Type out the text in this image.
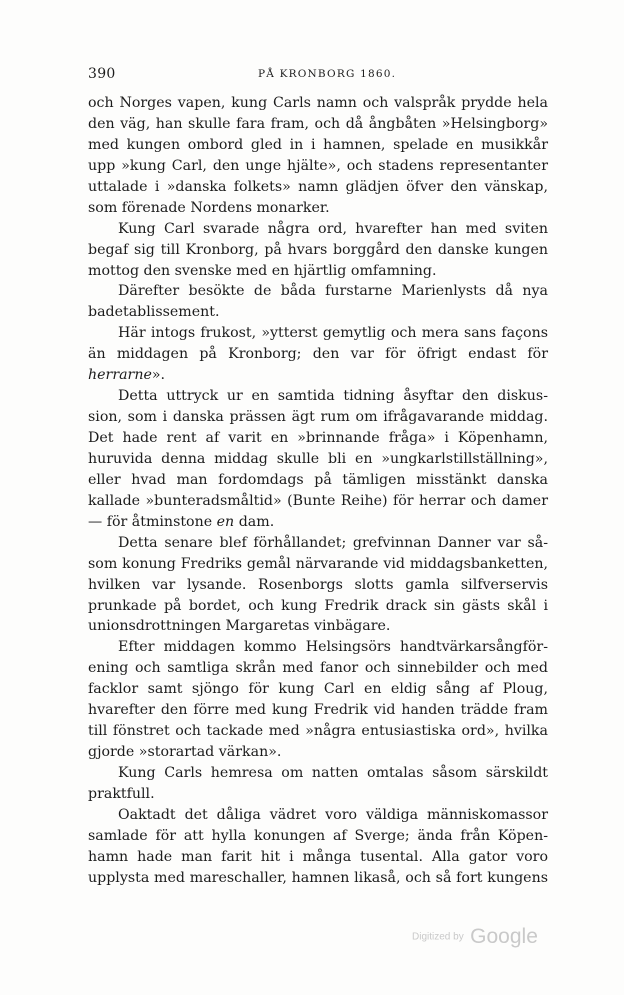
390	PÅ KRONBORG 1860.
och Norges vapen, kung Carls namn och valspråk prydde hela
den väg, han skulle fara fram, och då ångbåten »Helsingborg»
med kungen ombord gled in i hamnen, spelade en musikkår
upp »kung Carl, den unge hjälte», och stadens representanter
uttalade i »danska folkets» namn glädjen öfver den vänskap,
som förenade Nordens monarker.
Kung Carl svarade några ord, hvarefter han med sviten
begaf sig till Kronborg, på hvars borggård den danske kungen
mottog den svenske med en hjärtlig omfamning.
Därefter besökte de båda furstarne Marienlysts då nya
badetablissement.
Här intogs frukost, »ytterst gemytlig och mera sans façons
än middagen på Kronborg; den var för öfrigt endast för
herrarne».
Detta uttryck ur en samtida tidning åsyftar den diskus-
sion, som i danska prässen ägt rum om ifrågavarande middag.
Det hade rent af varit en »brinnande fråga» i Köpenhamn,
huruvida denna middag skulle bli en »ungkarlstillställning»,
eller hvad man fordomdags på tämligen misstänkt danska
kallade »bunteradsmåltid» (Bunte Reihe) för herrar och damer
— för åtminstone en dam.
Detta senare blef förhållandet; grefvinnan Danner var så-
som konung Fredriks gemål närvarande vid middagsbanketten,
hvilken var lysande. Rosenborgs slotts gamla silfverservis
prunkade på bordet, och kung Fredrik drack sin gästs skål i
unionsdrottningen Margaretas vinbägare.
Efter middagen kommo Helsingsörs handtvärkarsångför-
ening och samtliga skrån med fanor och sinnebilder och med
facklor samt sjöngo för kung Carl en eldig sång af Ploug,
hvarefter den förre med kung Fredrik vid handen trädde fram
till fönstret och tackade med »några entusiastiska ord», hvilka
gjorde »storartad värkan».
Kung Carls hemresa om natten omtalas såsom särskildt
praktfull.
Oaktadt det dåliga vädret voro väldiga människomassor
samlade för att hylla konungen af Sverge; ända från Köpen-
hamn hade man farit hit i många tusental. Alla gator voro
upplysta med mareschaller, hamnen likaså, och så fort kungens
Digitized by Google
